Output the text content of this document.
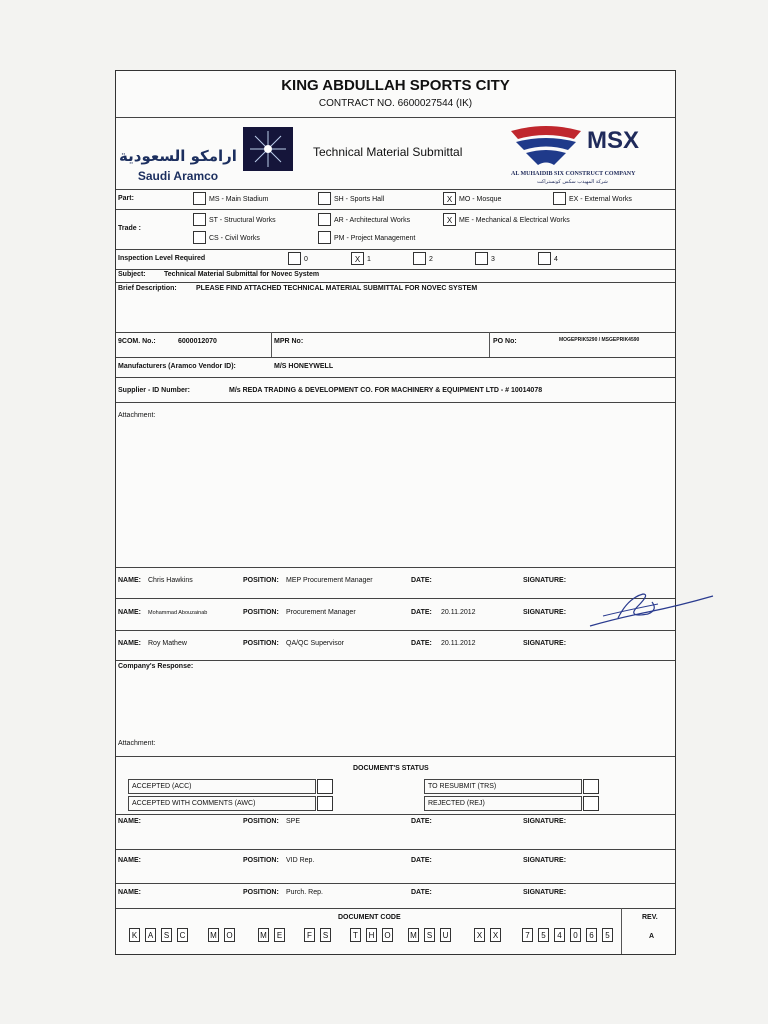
KING ABDULLAH SPORTS CITY
CONTRACT NO. 6600027544 (IK)
ارامكو السعودية
Saudi Aramco
Technical Material Submittal	MSX
AL MUHAIDIB SIX CONSTRUCT COMPANY
شركة المهيدب سكس كونستراكت
Part:	MS - Main Stadium	SH - Sports Hall	X MO - Mosque	EX - External Works
Trade :
ST - Structural Works	AR - Architectural Works	X ME - Mechanical & Electrical Works
CS - Civil Works	PM - Project Management
Inspection Level Required	0	X 1	2	3	4
Subject:	Technical Material Submittal for Novec System
Brief Description:	PLEASE FIND ATTACHED TECHNICAL MATERIAL SUBMITTAL FOR NOVEC SYSTEM
9COM. No.:	6000012070	MPR No:	PO No:	MOGEPRIK5290 / MSGEPRIK4590
Manufacturers (Aramco Vendor ID):	M/S HONEYWELL
Supplier - ID Number:	M/s REDA TRADING & DEVELOPMENT CO. FOR MACHINERY & EQUIPMENT LTD - # 10014078
Attachment:
NAME: Chris Hawkins	POSITION: MEP Procurement Manager	DATE:	SIGNATURE:
NAME: Mohammad Abouzainab	POSITION: Procurement Manager	DATE: 20.11.2012	SIGNATURE:
NAME: Roy Mathew	POSITION: QA/QC Supervisor	DATE: 20.11.2012	SIGNATURE:
Company's Response:
Attachment:
DOCUMENT'S STATUS
ACCEPTED (ACC)	TO RESUBMIT (TRS)
ACCEPTED WITH COMMENTS (AWC)	REJECTED (REJ)
NAME:	POSITION: SPE	DATE:	SIGNATURE:
NAME:	POSITION: VID Rep.	DATE:	SIGNATURE:
NAME:	POSITION: Purch. Rep.	DATE:	SIGNATURE:
DOCUMENT CODE	REV.
A
K	A	S	C	M O	M	E	F	S	T	H	O M	S	U	X	X	7	5	4	0	6	5
